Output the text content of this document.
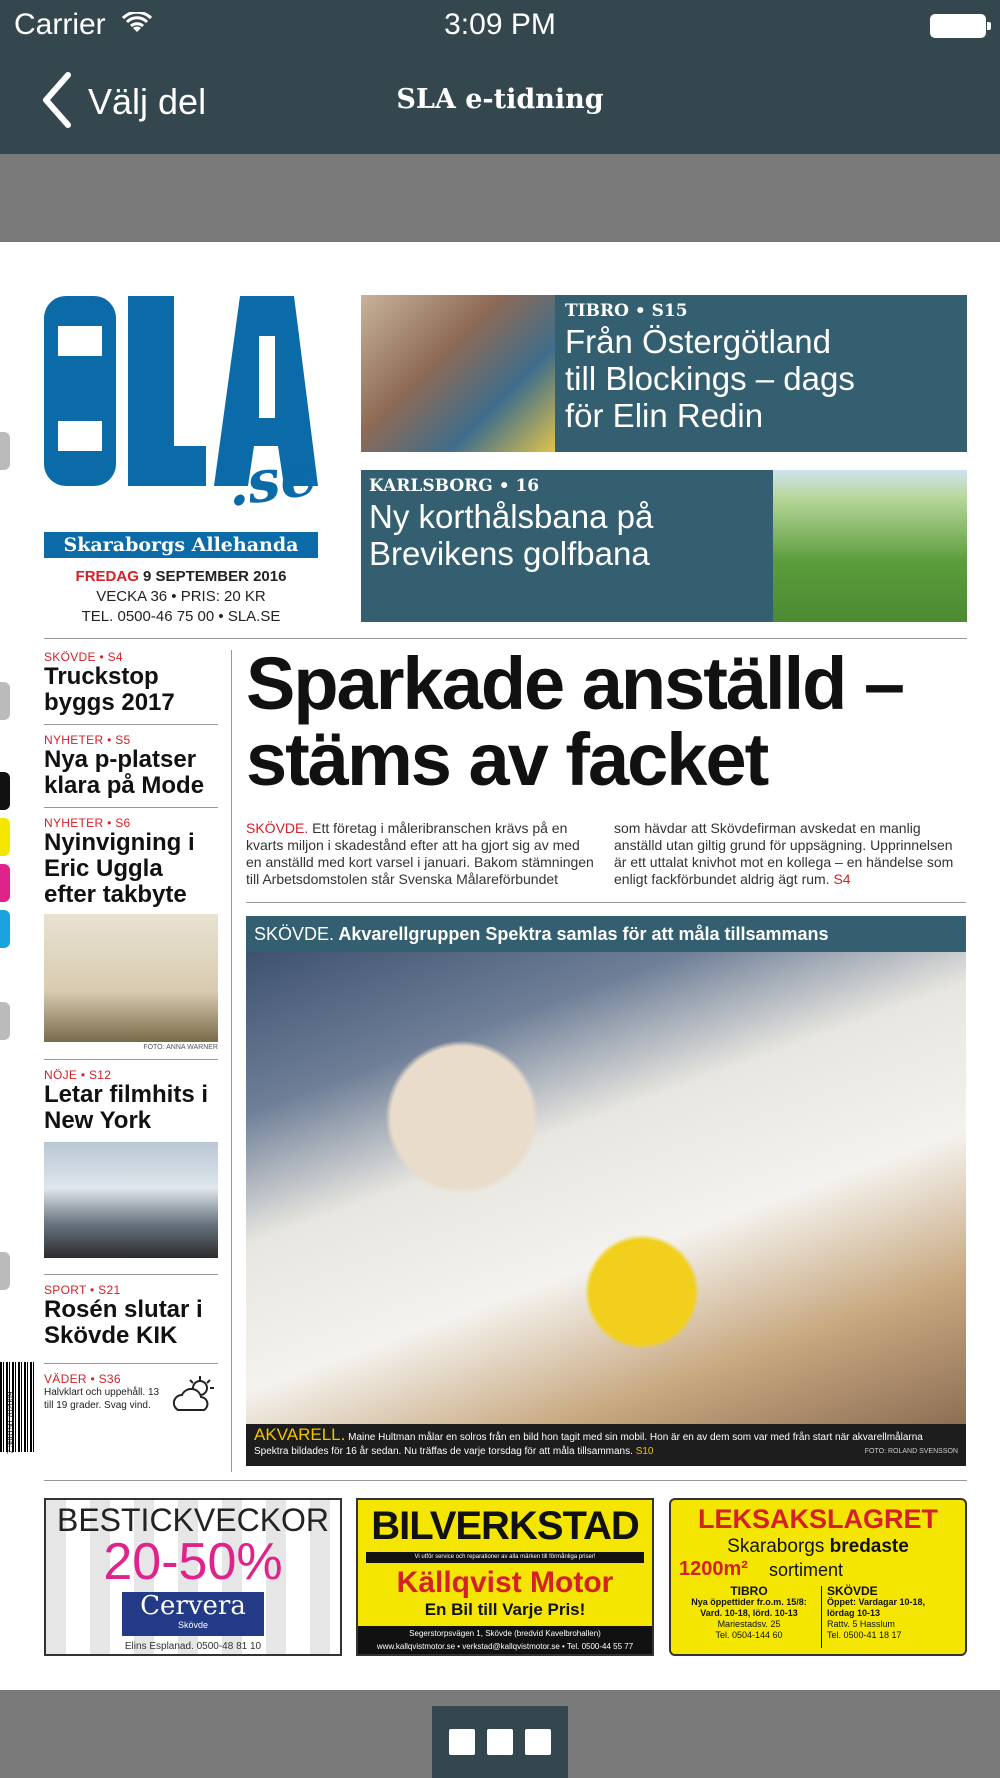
Carrier	3:09 PM
Välj del	SLA e-tidning
.se
Skaraborgs Allehanda
FREDAG 9 SEPTEMBER 2016
VECKA 36 • PRIS: 20 KR
TEL. 0500-46 75 00 • SLA.SE
TIBRO • S15
Från Östergötland till Blockings – dags för Elin Redin
KARLSBORG • 16
Ny korthålsbana på Brevikens golfbana
SKÖVDE • S4
Truckstop byggs 2017
NYHETER • S5
Nya p-platser klara på Mode
NYHETER • S6
Nyinvigning i Eric Uggla efter takbyte
FOTO: ANNA WARNER
NÖJE • S12
Letar filmhits i New York
SPORT • S21
Rosén slutar i Skövde KIK
VÄDER • S36
Halvklart och uppehåll. 13 till 19 grader. Svag vind.
Sparkade anställd – stäms av facket
SKÖVDE. Ett företag i måleribranschen krävs på en kvarts miljon i skadestånd efter att ha gjort sig av med en anställd med kort varsel i januari. Bakom stämningen till Arbetsdomstolen står Svenska Målareförbundet
som hävdar att Skövdefirman avskedat en manlig anställd utan giltig grund för uppsägning. Upprinnelsen är ett uttalat knivhot mot en kollega – en händelse som enligt fackförbundet aldrig ägt rum. S4
SKÖVDE. Akvarellgruppen Spektra samlas för att måla tillsammans
AKVARELL. Maine Hultman målar en solros från en bild hon tagit med sin mobil. Hon är en av dem som var med från start när akvarellmålarna Spektra bildades för 16 år sedan. Nu träffas de varje torsdag för att måla tillsammans. S10	FOTO: ROLAND SVENSSON
BESTICKVECKOR
20-50%
Cervera
Skövde
Elins Esplanad. 0500-48 81 10
BILVERKSTAD
Vi utför service och reparationer av alla märken till förmånliga priser!
Källqvist Motor
En Bil till Varje Pris!
Segerstorpsvägen 1, Skövde (bredvid Kavelbrohallen)
www.kallqvistmotor.se • verkstad@kallqvistmotor.se • Tel. 0500-44 55 77
LEKSAKSLAGRET
Skaraborgs bredaste
1200m² sortiment
TIBRO
Nya öppettider fr.o.m. 15/8:
Vard. 10-18, lörd. 10-13
Mariestadsv. 25
Tel. 0504-144 60
SKÖVDE
Öppet: Vardagar 10-18,
lördag 10-13
Rattv. 5 Hasslum
Tel. 0500-41 18 17
7 388150 702009
